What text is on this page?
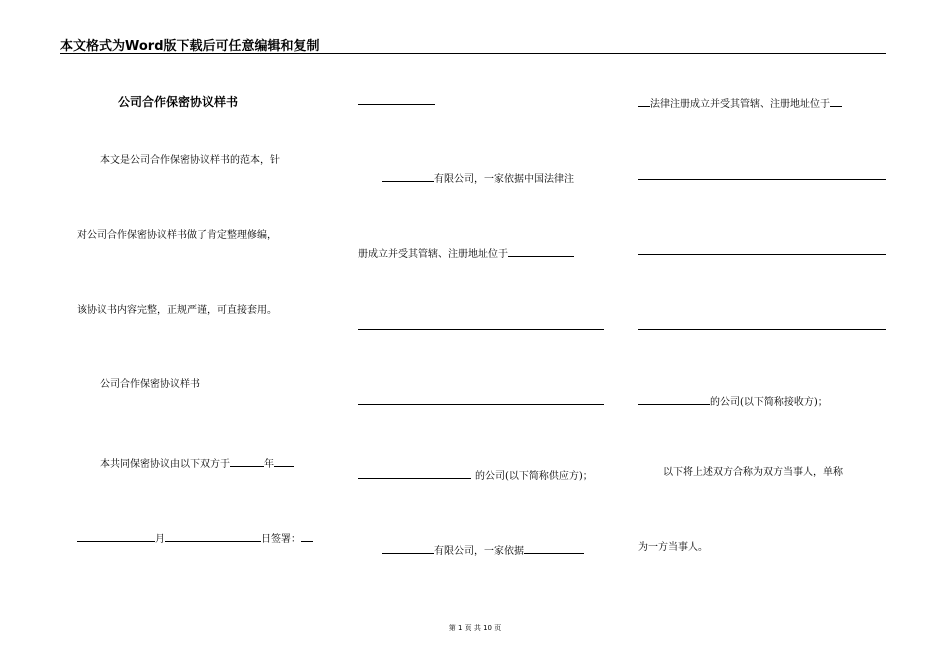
本文格式为Word版下载后可任意编辑和复制
公司合作保密协议样书
本文是公司合作保密协议样书的范本，针
对公司合作保密协议样书做了肯定整理修编，
该协议书内容完整，正规严谨，可直接套用。
公司合作保密协议样书
本共同保密协议由以下双方于	年
月	日签署：
有限公司，一家依据中国法律注
册成立并受其管辖、注册地址位于
的公司(以下简称供应方)；
有限公司，一家依据
法律注册成立并受其管辖、注册地址位于
的公司(以下简称接收方)；
以下将上述双方合称为双方当事人，单称
为一方当事人。
第 1 页 共 10 页
